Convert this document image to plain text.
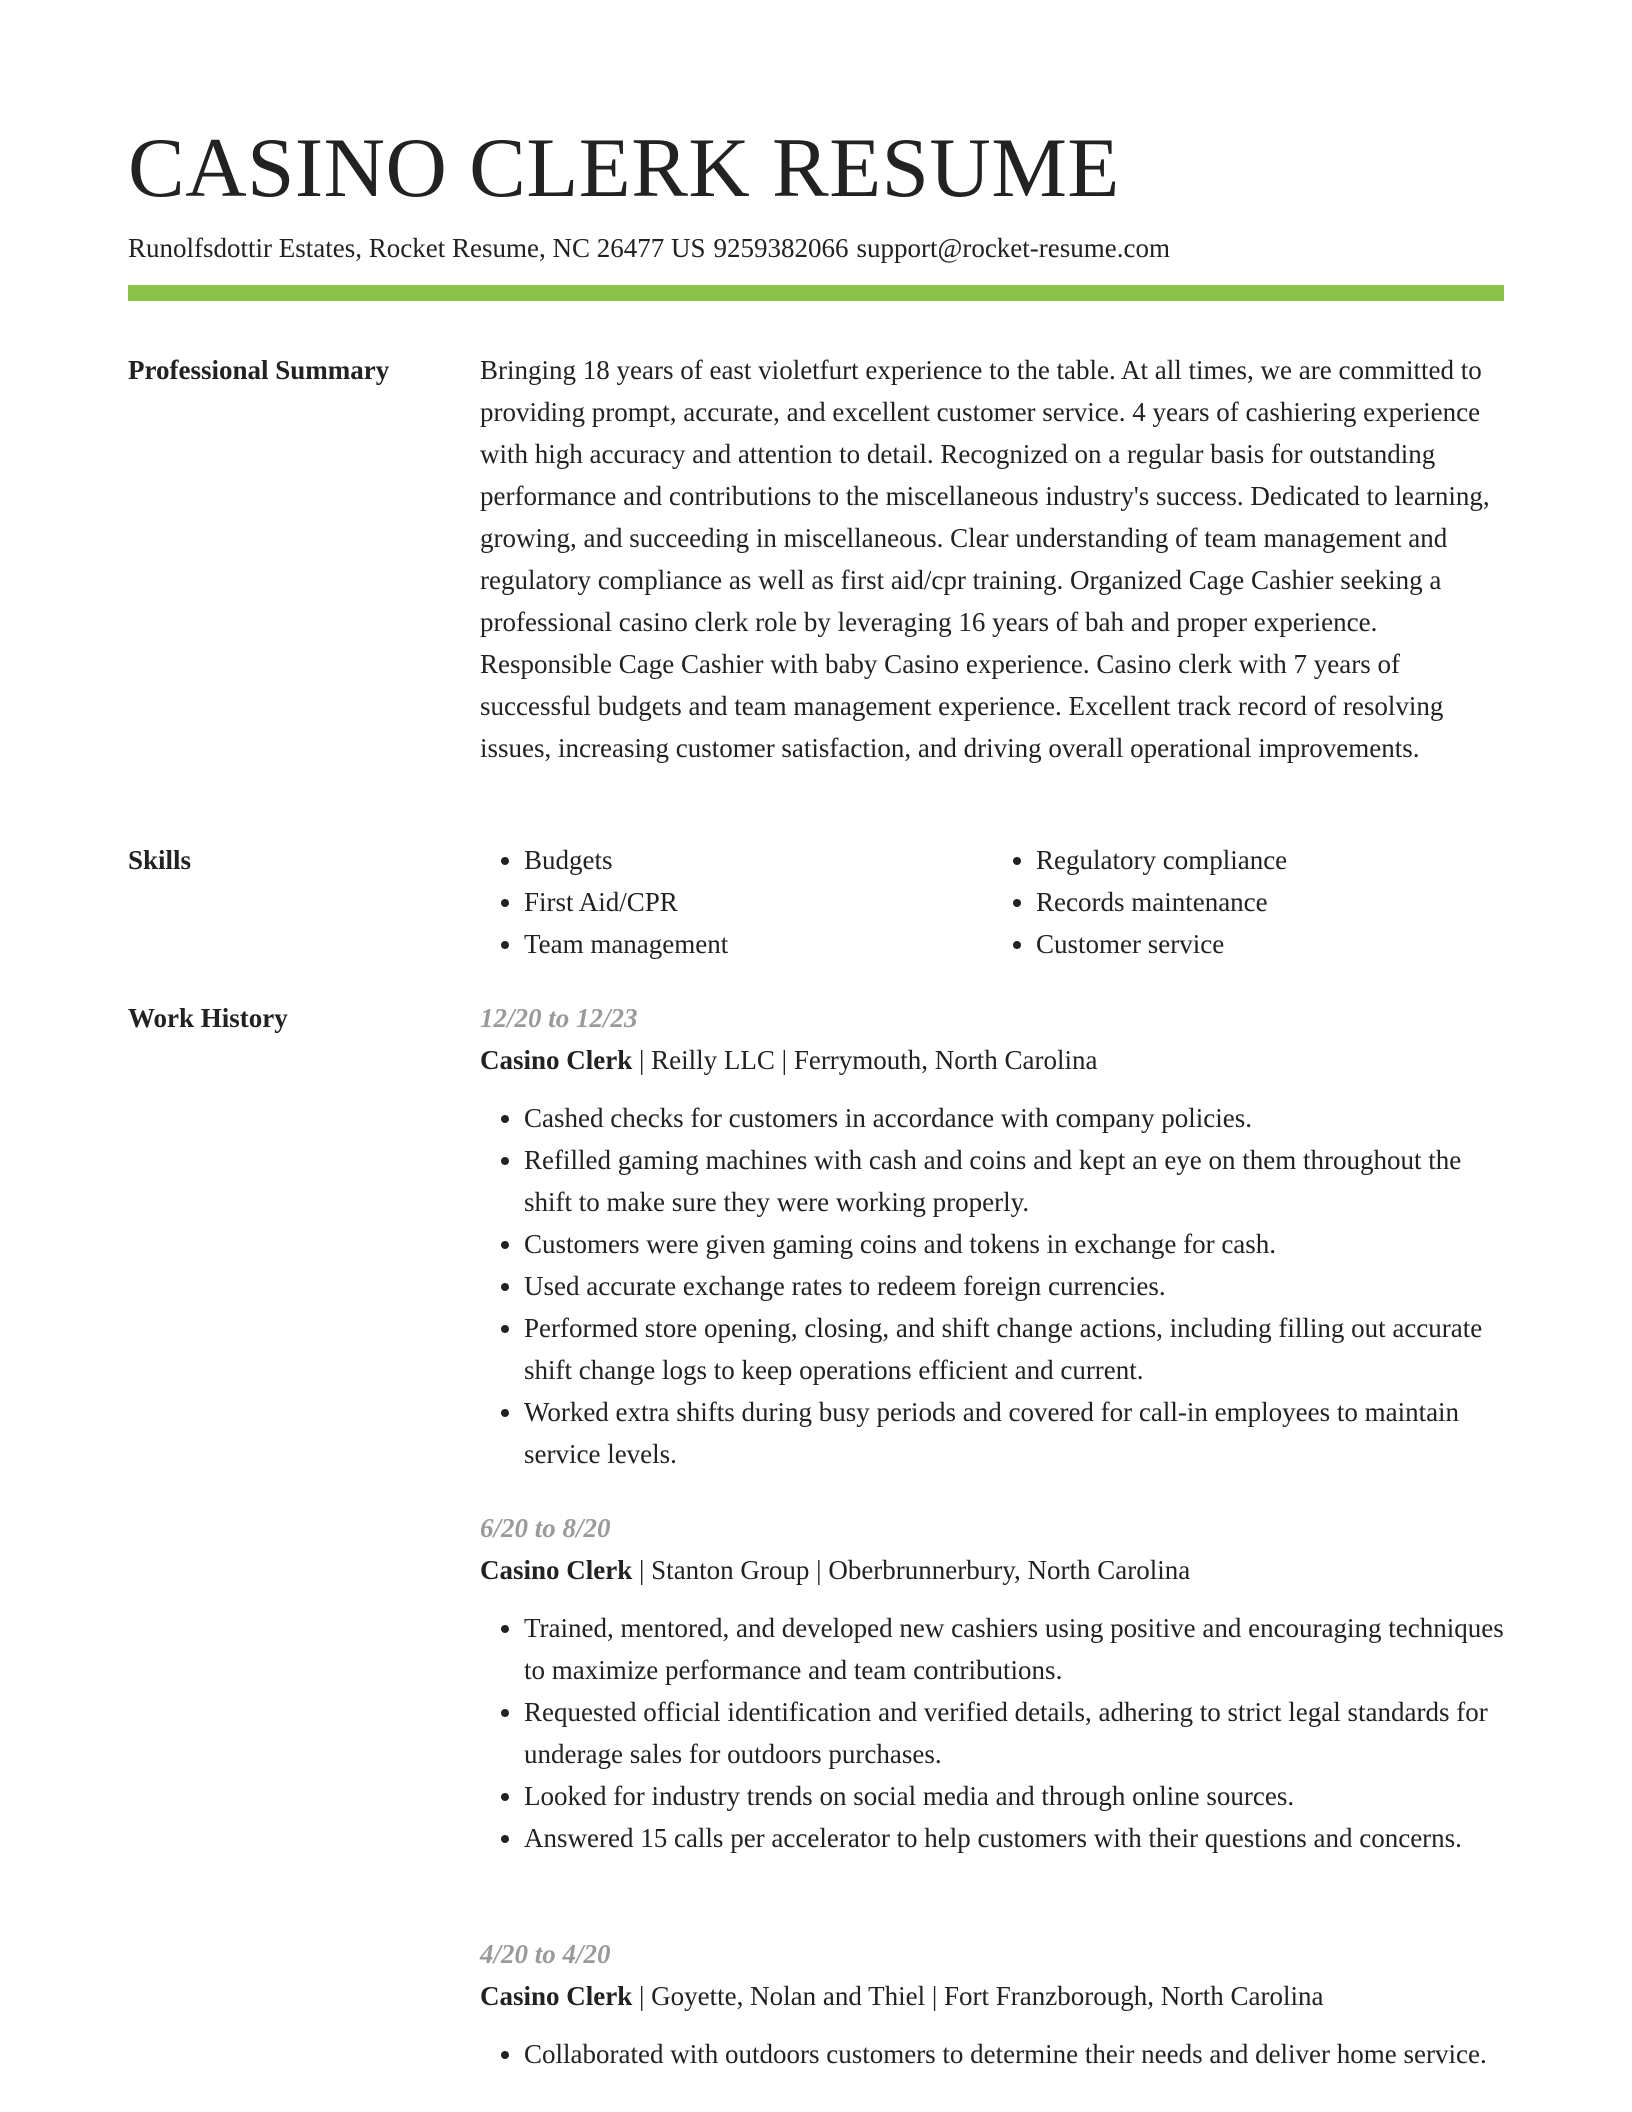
CASINO CLERK RESUME
Runolfsdottir Estates, Rocket Resume, NC 26477 US 9259382066 support@rocket-resume.com
Professional Summary	Bringing 18 years of east violetfurt experience to the table. At all times, we are committed to providing prompt, accurate, and excellent customer service. 4 years of cashiering experience with high accuracy and attention to detail. Recognized on a regular basis for outstanding performance and contributions to the miscellaneous industry's success. Dedicated to learning, growing, and succeeding in miscellaneous. Clear understanding of team management and regulatory compliance as well as first aid/cpr training. Organized Cage Cashier seeking a professional casino clerk role by leveraging 16 years of bah and proper experience. Responsible Cage Cashier with baby Casino experience. Casino clerk with 7 years of successful budgets and team management experience. Excellent track record of resolving issues, increasing customer satisfaction, and driving overall operational improvements.

Skills
•	Budgets
• First Aid/CPR
• Team management
• Regulatory compliance
• Records maintenance
• Customer service
Work History	12/20 to 12/23
Casino Clerk | Reilly LLC | Ferrymouth, North Carolina
• Cashed checks for customers in accordance with company policies.
• Refilled gaming machines with cash and coins and kept an eye on them throughout the shift to make sure they were working properly.
• Customers were given gaming coins and tokens in exchange for cash.
• Used accurate exchange rates to redeem foreign currencies.
• Performed store opening, closing, and shift change actions, including filling out accurate shift change logs to keep operations efficient and current.
• Worked extra shifts during busy periods and covered for call-in employees to maintain service levels.
6/20 to 8/20
Casino Clerk | Stanton Group | Oberbrunnerbury, North Carolina
• Trained, mentored, and developed new cashiers using positive and encouraging techniques to maximize performance and team contributions.
• Requested official identification and verified details, adhering to strict legal standards for underage sales for outdoors purchases.
• Looked for industry trends on social media and through online sources.
• Answered 15 calls per accelerator to help customers with their questions and concerns.
4/20 to 4/20
Casino Clerk | Goyette, Nolan and Thiel | Fort Franzborough, North Carolina
• Collaborated with outdoors customers to determine their needs and deliver home service.
